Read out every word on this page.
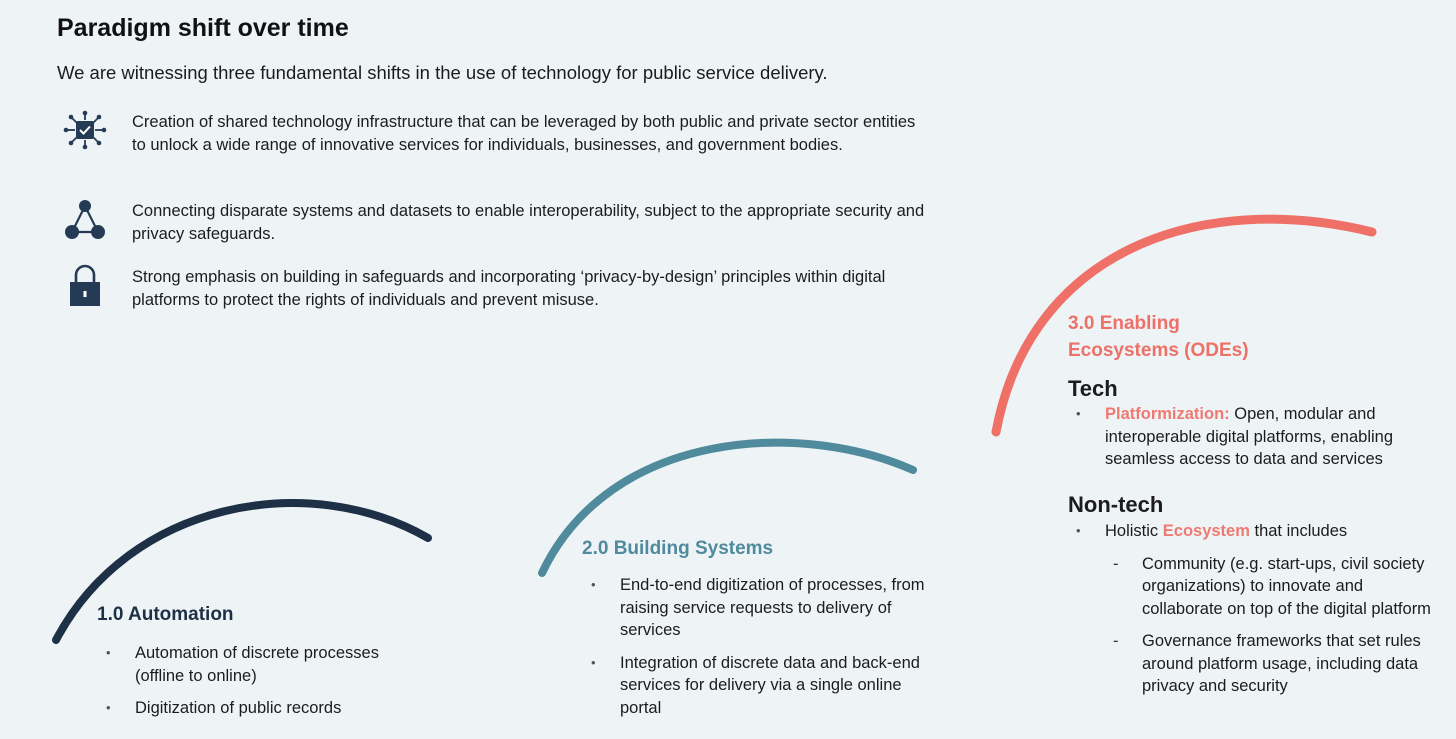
Paradigm shift over time
We are witnessing three fundamental shifts in the use of technology for public service delivery.
Creation of shared technology infrastructure that can be leveraged by both public and private sector entities to unlock a wide range of innovative services for individuals, businesses, and government bodies.
Connecting disparate systems and datasets to enable interoperability, subject to the appropriate security and privacy safeguards.
Strong emphasis on building in safeguards and incorporating ‘privacy-by-design’ principles within digital platforms to protect the rights of individuals and prevent misuse.
1.0 Automation
• Automation of discrete processes (offline to online)
• Digitization of public records
2.0 Building Systems
• End-to-end digitization of processes, from raising service requests to delivery of services
• Integration of discrete data and back-end services for delivery via a single online portal
3.0 Enabling
Ecosystems (ODEs)
Tech
• Platformization: Open, modular and interoperable digital platforms, enabling seamless access to data and services
Non-tech
• Holistic Ecosystem that includes
- Community (e.g. start-ups, civil society organizations) to innovate and collaborate on top of the digital platform
- Governance frameworks that set rules around platform usage, including data privacy and security
